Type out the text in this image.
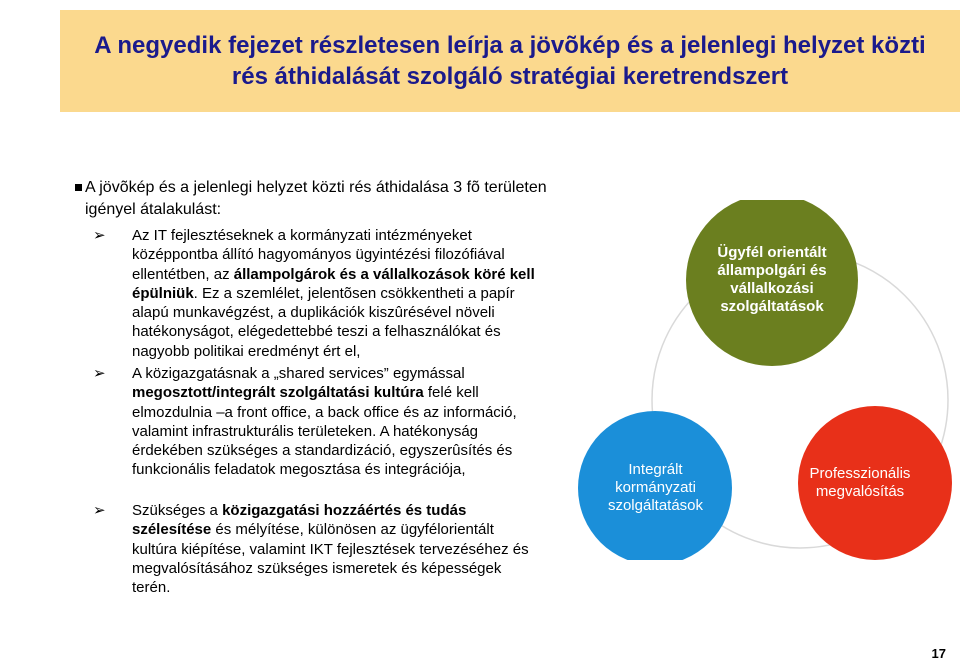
A negyedik fejezet részletesen leírja a jövõkép és a jelenlegi helyzet közti rés áthidalását szolgáló stratégiai keretrendszert
A jövõkép és a jelenlegi helyzet közti rés áthidalása 3 fõ területen igényel átalakulást:
➢	Az IT fejlesztéseknek a kormányzati intézményeket középpontba állító hagyományos ügyintézési filozófiával ellentétben, az állampolgárok és a vállalkozások köré kell épülniük. Ez a szemlélet, jelentõsen csökkentheti a papír alapú munkavégzést, a duplikációk kiszûrésével növeli hatékonyságot, elégedettebbé teszi a felhasználókat és nagyobb politikai eredményt ért el,
➢	A közigazgatásnak a „shared services” egymással megosztott/integrált szolgáltatási kultúra felé kell elmozdulnia –a front office, a back office és az információ, valamint infrastrukturális területeken. A hatékonyság érdekében szükséges a standardizáció, egyszerûsítés és funkcionális feladatok megosztása és integrációja,
➢	Szükséges a közigazgatási hozzáértés és tudás szélesítése és mélyítése, különösen az ügyfélorientált kultúra kiépítése, valamint IKT fejlesztések tervezéséhez és megvalósításához szükséges ismeretek és képességek terén.
Ügyfél orientált állampolgári és vállalkozási szolgáltatások
Integrált kormányzati szolgáltatások
Professzionális megvalósítás
17
